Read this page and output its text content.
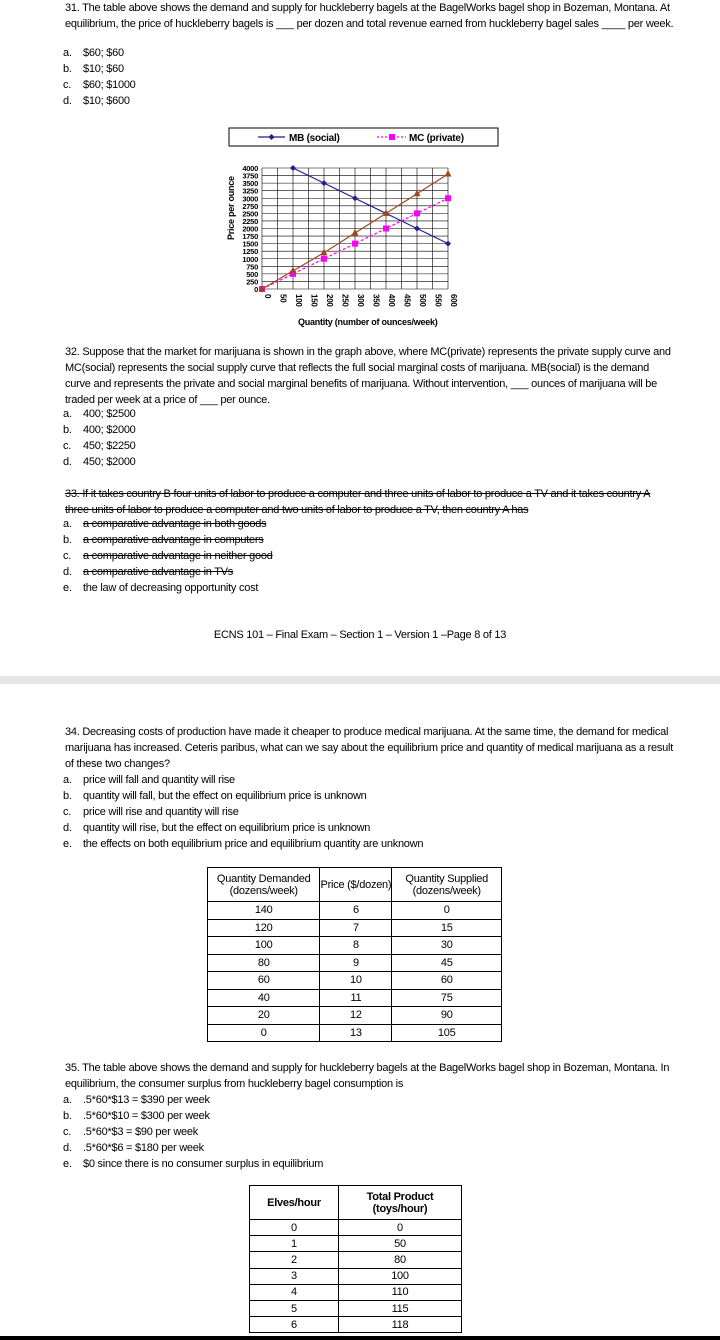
31. The table above shows the demand and supply for huckleberry bagels at the BagelWorks bagel shop in Bozeman, Montana. At equilibrium, the price of huckleberry bagels is ___ per dozen and total revenue earned from huckleberry bagel sales ____ per week.
a. $60; $60
b. $10; $60
c. $60; $1000
d. $10; $600
MB (social)	MC (private)
0 50 100 150 200 250 300 350 400 450 500 550 600
0
250
500
750
1000
1250
1500
1750
2000
2250
2500
2750
3000
3250
3500
3750
4000
Price per ounce
Quantity (number of ounces/week)
32. Suppose that the market for marijuana is shown in the graph above, where MC(private) represents the private supply curve and MC(social) represents the social supply curve that reflects the full social marginal costs of marijuana. MB(social) is the demand curve and represents the private and social marginal benefits of marijuana. Without intervention, ___ ounces of marijuana will be traded per week at a price of ___ per ounce.
a. 400; $2500
b. 400; $2000
c. 450; $2250
d. 450; $2000
33. If it takes country B four units of labor to produce a computer and three units of labor to produce a TV and it takes country A three units of labor to produce a computer and two units of labor to produce a TV, then country A has
a. a comparative advantage in both goods
b. a comparative advantage in computers
c. a comparative advantage in neither good
d. a comparative advantage in TVs
e. the law of decreasing opportunity cost
ECNS 101 – Final Exam – Section 1 – Version 1 –Page 8 of 13
34. Decreasing costs of production have made it cheaper to produce medical marijuana. At the same time, the demand for medical marijuana has increased. Ceteris paribus, what can we say about the equilibrium price and quantity of medical marijuana as a result of these two changes?
a. price will fall and quantity will rise
b. quantity will fall, but the effect on equilibrium price is unknown
c. price will rise and quantity will rise
d. quantity will rise, but the effect on equilibrium price is unknown
e. the effects on both equilibrium price and equilibrium quantity are unknown
Quantity Demanded (dozens/week)	Price ($/dozen)	Quantity Supplied (dozens/week)
140	6	0
120	7	15
100	8	30
80	9	45
60	10	60
40	11	75
20	12	90
0	13	105
35. The table above shows the demand and supply for huckleberry bagels at the BagelWorks bagel shop in Bozeman, Montana. In equilibrium, the consumer surplus from huckleberry bagel consumption is
a. .5*60*$13 = $390 per week
b. .5*60*$10 = $300 per week
c. .5*60*$3 = $90 per week
d. .5*60*$6 = $180 per week
e. $0 since there is no consumer surplus in equilibrium
Elves/hour	Total Product (toys/hour)
0	0
1	50
2	80
3	100
4	110
5	115
6	118
